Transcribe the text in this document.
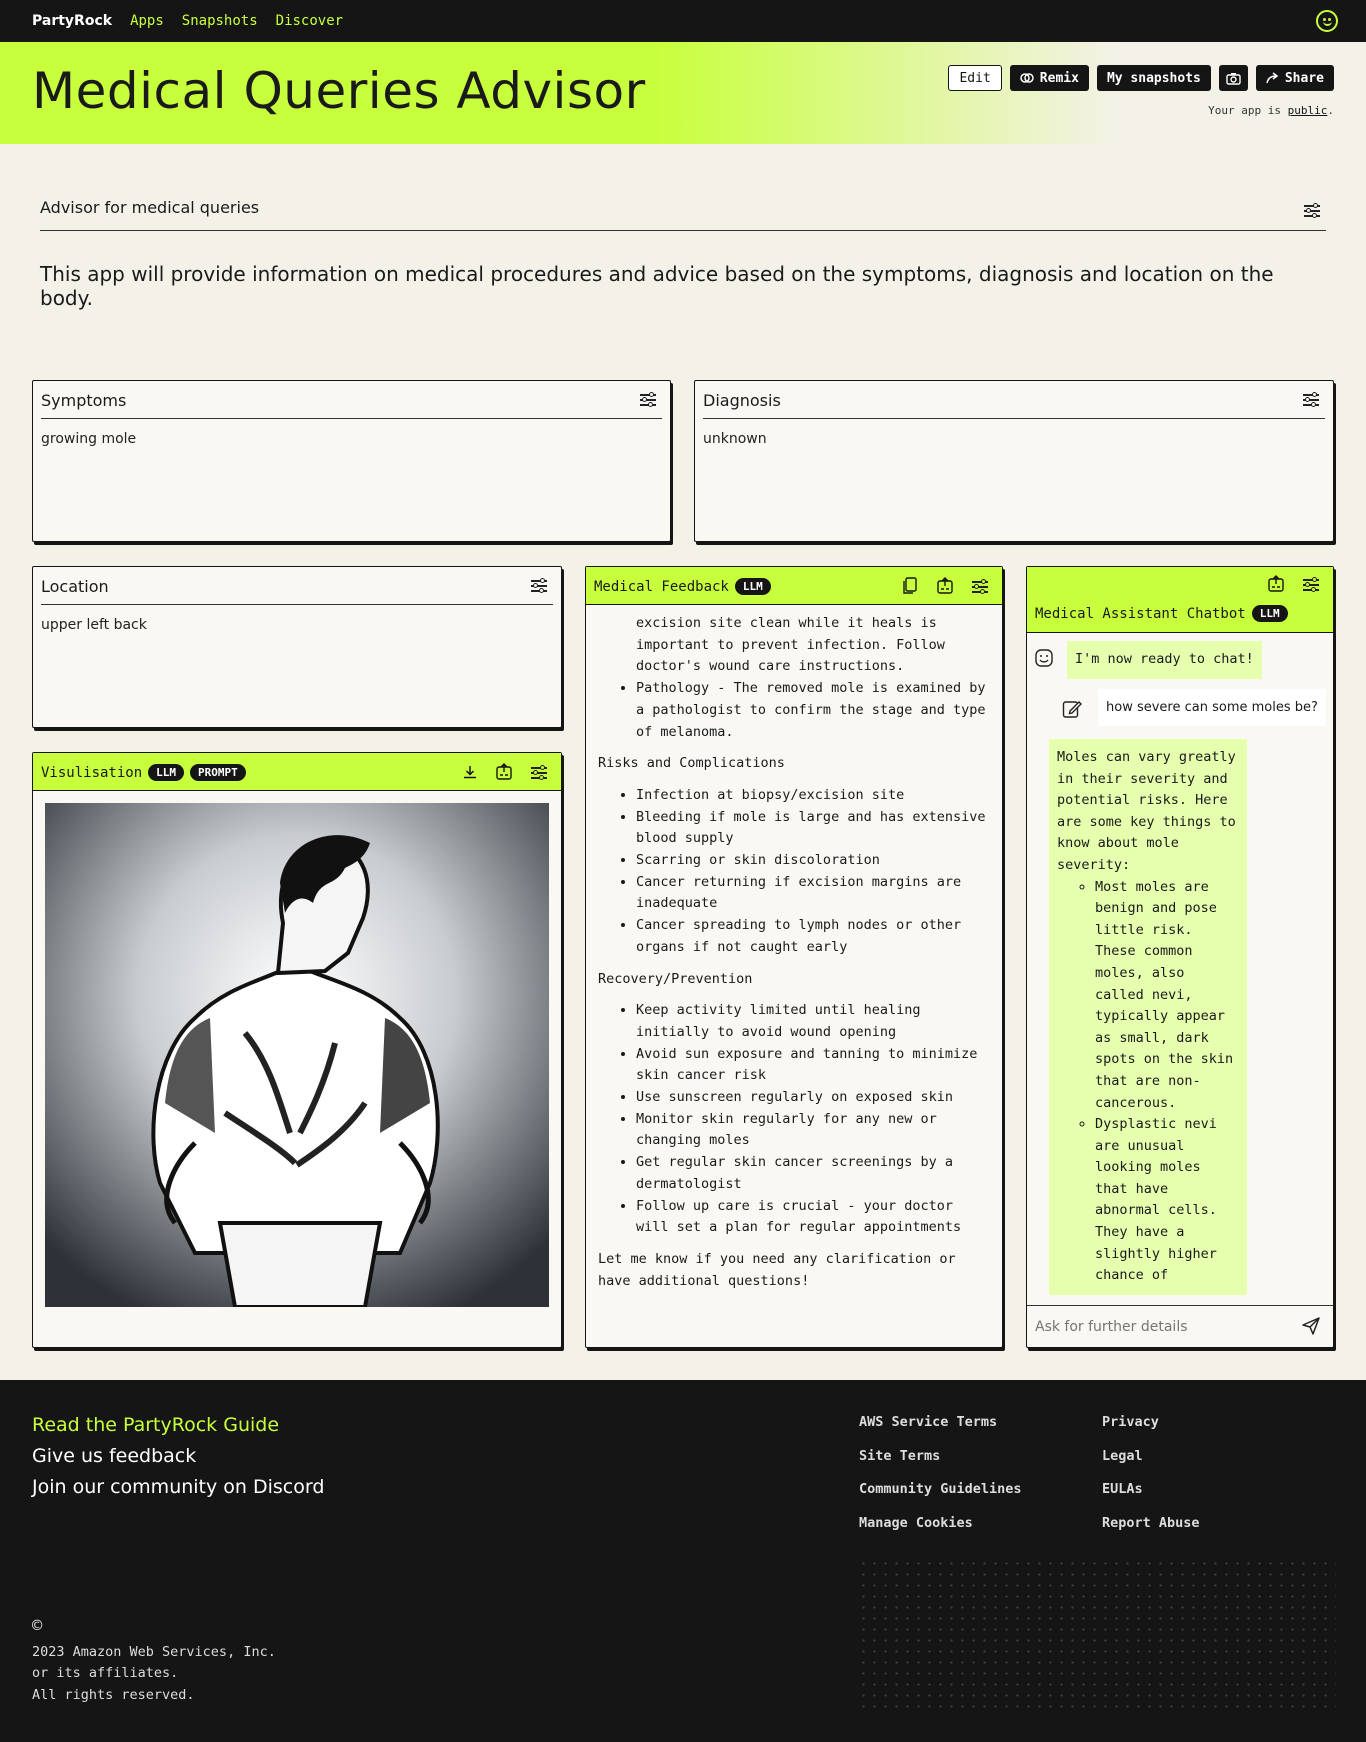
PartyRock Apps Snapshots Discover
Medical Queries Advisor	Edit	Remix My snapshots	Share
Your app is public.
Advisor for medical queries
This app will provide information on medical procedures and advice based on the symptoms, diagnosis and location on the body.
Symptoms
growing mole
Diagnosis
unknown
Location
upper left back
Visulisation LLM PROMPT
Medical Feedback LLM
excision site clean while it heals is important to prevent infection. Follow doctor's wound care instructions.
• Pathology - The removed mole is examined by a pathologist to confirm the stage and type of melanoma.

Risks and Complications

• Infection at biopsy/excision site
• Bleeding if mole is large and has extensive blood supply
• Scarring or skin discoloration
• Cancer returning if excision margins are inadequate
• Cancer spreading to lymph nodes or other organs if not caught early

Recovery/Prevention

• Keep activity limited until healing initially to avoid wound opening
• Avoid sun exposure and tanning to minimize skin cancer risk
• Use sunscreen regularly on exposed skin
• Monitor skin regularly for any new or changing moles
• Get regular skin cancer screenings by a dermatologist
• Follow up care is crucial - your doctor will set a plan for regular appointments

Let me know if you need any clarification or have additional questions!

Medical Assistant Chatbot LLM
I'm now ready to chat!
how severe can some moles be?
Moles can vary greatly in their severity and potential risks. Here are some key things to know about mole severity:
◦ Most moles are benign and pose little risk. These common moles, also called nevi, typically appear as small, dark spots on the skin that are non-cancerous.
◦ Dysplastic nevi are unusual looking moles that have abnormal cells. They have a slightly higher chance of
Ask for further details
Read the PartyRock Guide
Give us feedback
Join our community on Discord
AWS Service Terms
Site Terms
Community Guidelines
Manage Cookies
Privacy
Legal
EULAs
Report Abuse
©
2023 Amazon Web Services, Inc.
or its affiliates.
All rights reserved.
